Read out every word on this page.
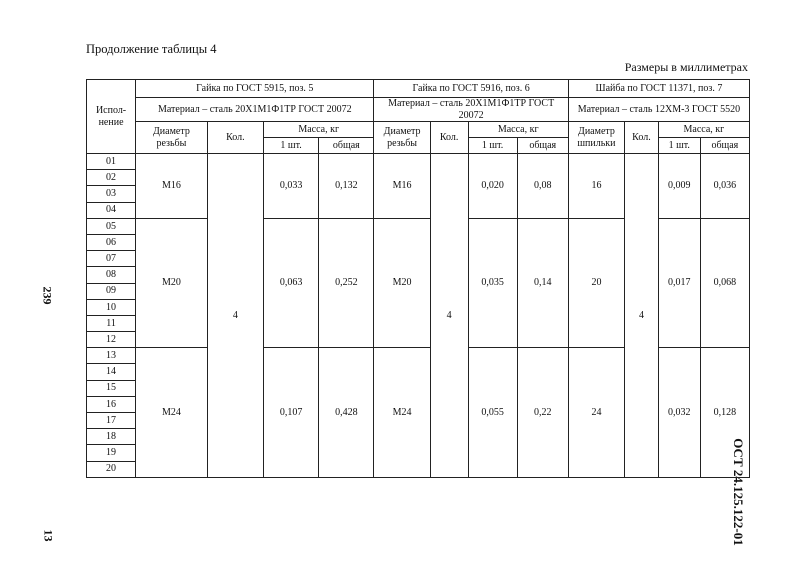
Продолжение таблицы 4
Размеры в миллиметрах
239
13	ОСТ 24.125.122-01
Испол-нение	Гайка по ГОСТ 5915, поз. 5				Гайка по ГОСТ 5916, поз. 6				Шайба по ГОСТ 11371, поз. 7			
	Материал – сталь 20Х1М1Ф1ТР ГОСТ 20072				Материал – сталь 20Х1М1Ф1ТР ГОСТ 20072				Материал – сталь 12ХМ-3 ГОСТ 5520			
	Диаметр резьбы	Кол.	Масса, кг		Диаметр резьбы	Кол.	Масса, кг		Диаметр шпильки	Кол.	Масса, кг	
			1 шт.	общая			1 шт.	общая			1 шт.	общая
01	М16	4	0,033	0,132	М16	4	0,020	0,08	16	4	0,009	0,036
02												
03												
04												
05	М20		0,063	0,252	М20		0,035	0,14	20		0,017	0,068
06												
07												
08												
09												
10												
11												
12												
13	М24		0,107	0,428	М24		0,055	0,22	24		0,032	0,128
14												
15												
16												
17												
18												
19												
20												
